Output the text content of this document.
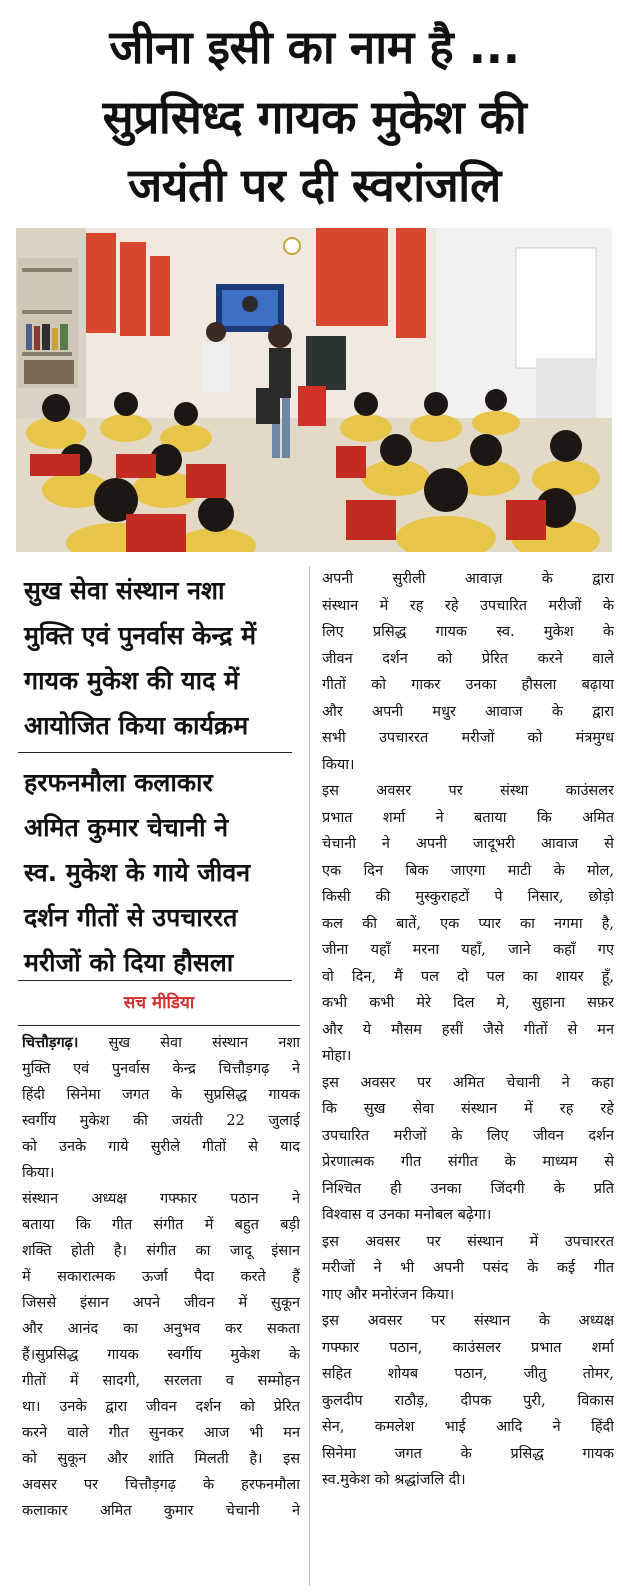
जीना इसी का नाम है ...
सुप्रसिध्द गायक मुकेश की
जयंती पर दी स्वरांजलि
सुख सेवा संस्थान नशा
मुक्ति एवं पुनर्वास केन्द्र में
गायक मुकेश की याद में
आयोजित किया कार्यक्रम
हरफनमौला कलाकार
अमित कुमार चेचानी ने
स्व. मुकेश के गाये जीवन
दर्शन गीतों से उपचाररत
मरीजों को दिया हौसला
सच मीडिया
चित्तौड़गढ़। सुख सेवा संस्थान नशा
मुक्ति एवं पुनर्वास केन्द्र चित्तौड़गढ़ ने
हिंदी सिनेमा जगत के सुप्रसिद्ध गायक
स्वर्गीय मुकेश की जयंती 22 जुलाई
को उनके गाये सुरीले गीतों से याद
किया।
संस्थान अध्यक्ष गफ्फार पठान ने
बताया कि गीत संगीत में बहुत बड़ी
शक्ति होती है। संगीत का जादू इंसान
में सकारात्मक ऊर्जा पैदा करते हैं
जिससे इंसान अपने जीवन में सुकून
और आनंद का अनुभव कर सकता
हैं।सुप्रसिद्ध गायक स्वर्गीय मुकेश के
गीतों में सादगी, सरलता व सम्मोहन
था। उनके द्वारा जीवन दर्शन को प्रेरित
करने वाले गीत सुनकर आज भी मन
को सुकून और शांति मिलती है। इस
अवसर पर चित्तौड़गढ़ के हरफनमौला
कलाकार अमित कुमार चेचानी ने
अपनी सुरीली आवाज़ के द्वारा
संस्थान में रह रहे उपचारित मरीजों के
लिए प्रसिद्ध गायक स्व. मुकेश के
जीवन दर्शन को प्रेरित करने वाले
गीतों को गाकर उनका हौसला बढ़ाया
और अपनी मधुर आवाज के द्वारा
सभी उपचाररत मरीजों को मंत्रमुग्ध
किया।
इस अवसर पर संस्था काउंसलर
प्रभात शर्मा ने बताया कि अमित
चेचानी ने अपनी जादूभरी आवाज से
एक दिन बिक जाएगा माटी के मोल,
किसी की मुस्कुराहटों पे निसार, छोड़ो
कल की बातें, एक प्यार का नगमा है,
जीना यहाँ मरना यहाँ, जाने कहाँ गए
वो दिन, मैं पल दो पल का शायर हूँ,
कभी कभी मेरे दिल मे, सुहाना सफ़र
और ये मौसम हसीं जैसे गीतों से मन
मोहा।
इस अवसर पर अमित चेचानी ने कहा
कि सुख सेवा संस्थान में रह रहे
उपचारित मरीजों के लिए जीवन दर्शन
प्रेरणात्मक गीत संगीत के माध्यम से
निश्चित ही उनका जिंदगी के प्रति
विश्वास व उनका मनोबल बढ़ेगा।
इस अवसर पर संस्थान में उपचाररत
मरीजों ने भी अपनी पसंद के कई गीत
गाए और मनोरंजन किया।
इस अवसर पर संस्थान के अध्यक्ष
गफ्फार पठान, काउंसलर प्रभात शर्मा
सहित शोयब पठान, जीतु तोमर,
कुलदीप राठौड़, दीपक पुरी, विकास
सेन, कमलेश भाई आदि ने हिंदी
सिनेमा जगत के प्रसिद्ध गायक
स्व.मुकेश को श्रद्धांजलि दी।
